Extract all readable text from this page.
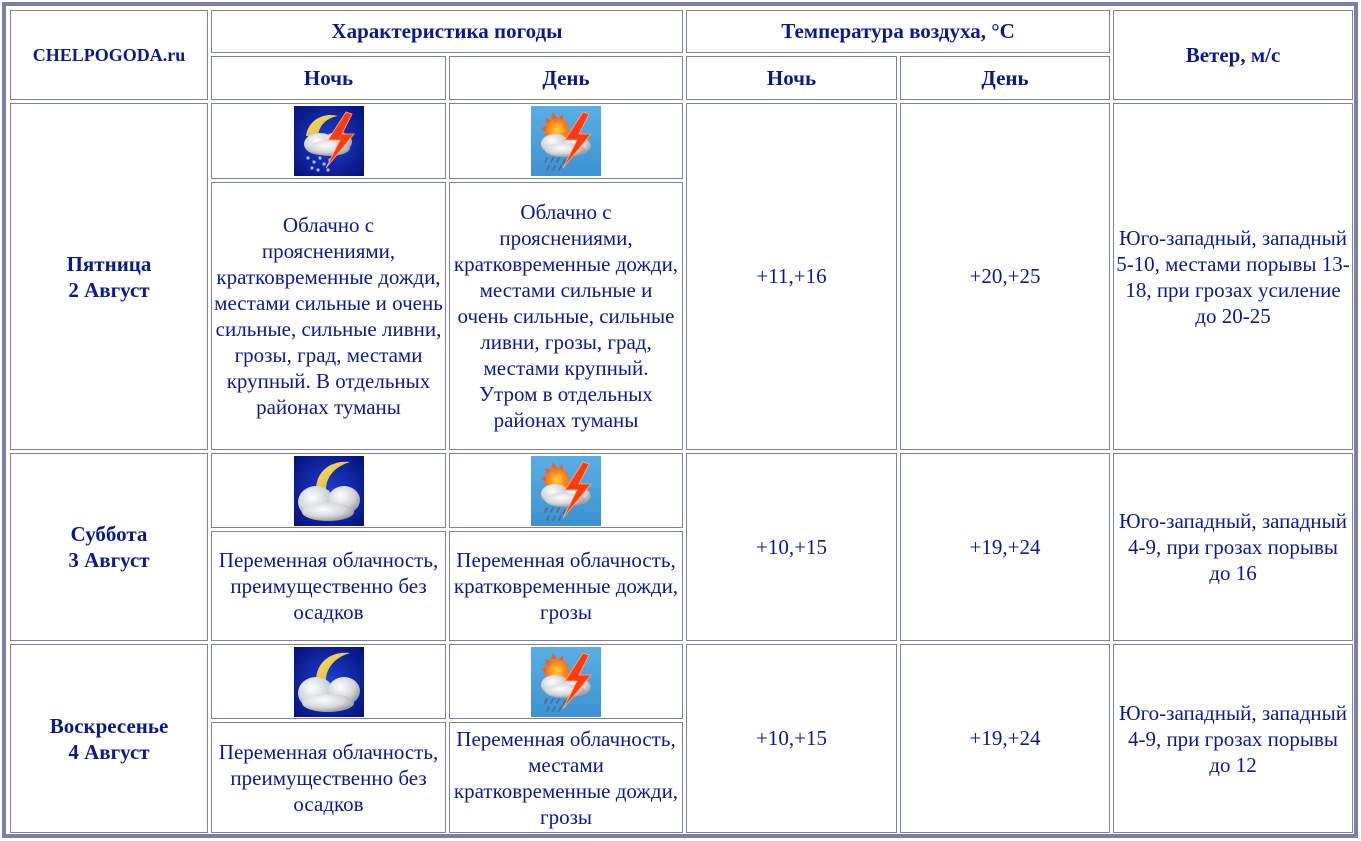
CHELPOGODA.ru	Характеристика погоды		Температура воздуха, °C		Ветер, м/с
	Ночь	День	Ночь	День	

Пятница
2 Август			+11,+16	+20,+25	Юго-западный, западный 5-10, местами порывы 13-18, при грозах усиление до 20-25
	Облачно с прояснениями, кратковременные дожди, местами сильные и очень сильные, сильные ливни, грозы, град, местами крупный. В отдельных районах туманы	Облачно с прояснениями, кратковременные дожди, местами сильные и очень сильные, сильные ливни, грозы, град, местами крупный. Утром в отдельных районах туманы			

Суббота
3 Август			+10,+15	+19,+24	Юго-западный, западный 4-9, при грозах порывы до 16
	Переменная облачность, преимущественно без осадков	Переменная облачность, кратковременные дожди, грозы			

Воскресенье
4 Август			+10,+15	+19,+24	Юго-западный, западный 4-9, при грозах порывы до 12
	Переменная облачность, преимущественно без осадков	Переменная облачность, местами кратковременные дожди, грозы			
